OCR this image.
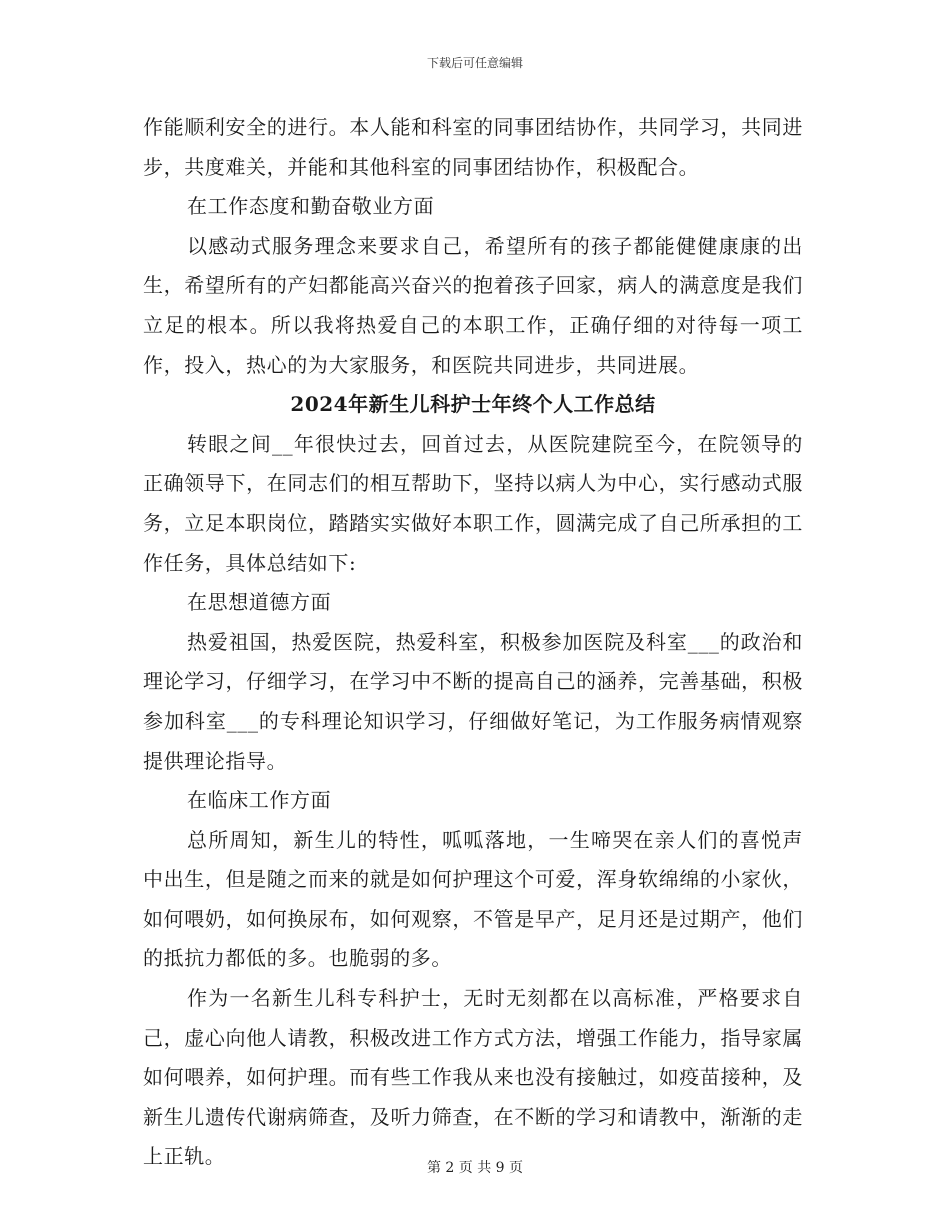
下载后可任意编辑

作能顺利安全的进行。本人能和科室的同事团结协作，共同学习，共同进步，共度难关，并能和其他科室的同事团结协作，积极配合。

在工作态度和勤奋敬业方面

以感动式服务理念来要求自己，希望所有的孩子都能健健康康的出生，希望所有的产妇都能高兴奋兴的抱着孩子回家，病人的满意度是我们立足的根本。所以我将热爱自己的本职工作，正确仔细的对待每一项工作，投入，热心的为大家服务，和医院共同进步，共同进展。

2024年新生儿科护士年终个人工作总结

转眼之间__年很快过去，回首过去，从医院建院至今，在院领导的正确领导下，在同志们的相互帮助下，坚持以病人为中心，实行感动式服务，立足本职岗位，踏踏实实做好本职工作，圆满完成了自己所承担的工作任务，具体总结如下:

在思想道德方面

热爱祖国，热爱医院，热爱科室，积极参加医院及科室___的政治和理论学习，仔细学习，在学习中不断的提高自己的涵养，完善基础，积极参加科室___的专科理论知识学习，仔细做好笔记，为工作服务病情观察提供理论指导。

在临床工作方面

总所周知，新生儿的特性，呱呱落地，一生啼哭在亲人们的喜悦声中出生，但是随之而来的就是如何护理这个可爱，浑身软绵绵的小家伙，如何喂奶，如何换尿布，如何观察，不管是早产，足月还是过期产，他们的抵抗力都低的多。也脆弱的多。

作为一名新生儿科专科护士，无时无刻都在以高标准，严格要求自己，虚心向他人请教，积极改进工作方式方法，增强工作能力，指导家属如何喂养，如何护理。而有些工作我从来也没有接触过，如疫苗接种，及新生儿遗传代谢病筛查，及听力筛查，在不断的学习和请教中，渐渐的走上正轨。	第 2 页 共 9 页
